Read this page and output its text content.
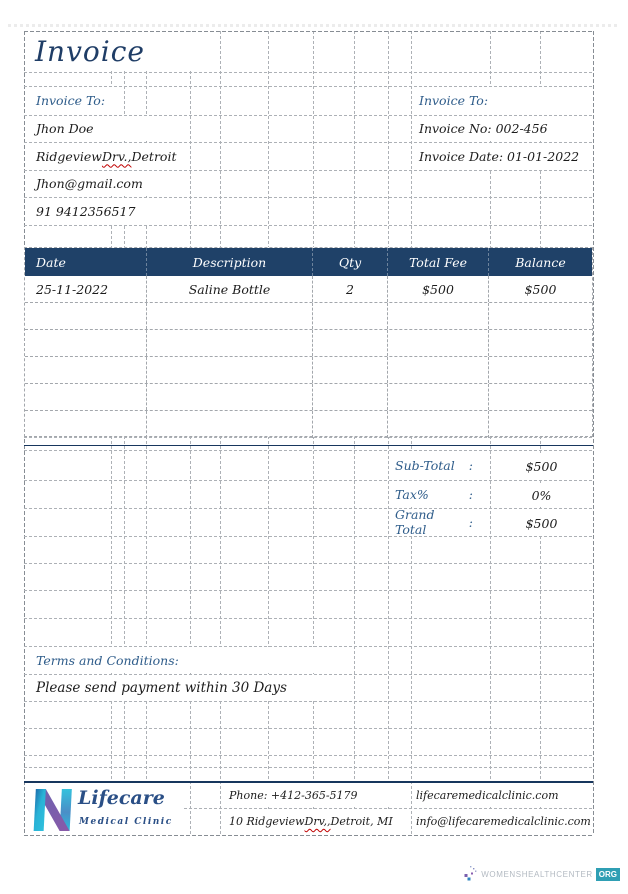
Invoice
Invoice To:
Jhon Doe
Ridgeview Drv., Detroit
Jhon@gmail.com
91 9412356517
Invoice To:
Invoice No: 002-456
Invoice Date: 01-01-2022
Date	Description	Qty	Total Fee	Balance
25-11-2022	Saline Bottle	2	$500	$500
Sub-Total :	$500
Tax%	:	0%
Grand Total	:	$500
Terms and Conditions:
Please send payment within 30 Days
Lifecare
Medical Clinic
Phone: +412-365-5179
10 Ridgeview Drv,, Detroit, MI
lifecaremedicalclinic.com
info@lifecaremedicalclinic.com
WOMENSHEALTHCENTER ORG
